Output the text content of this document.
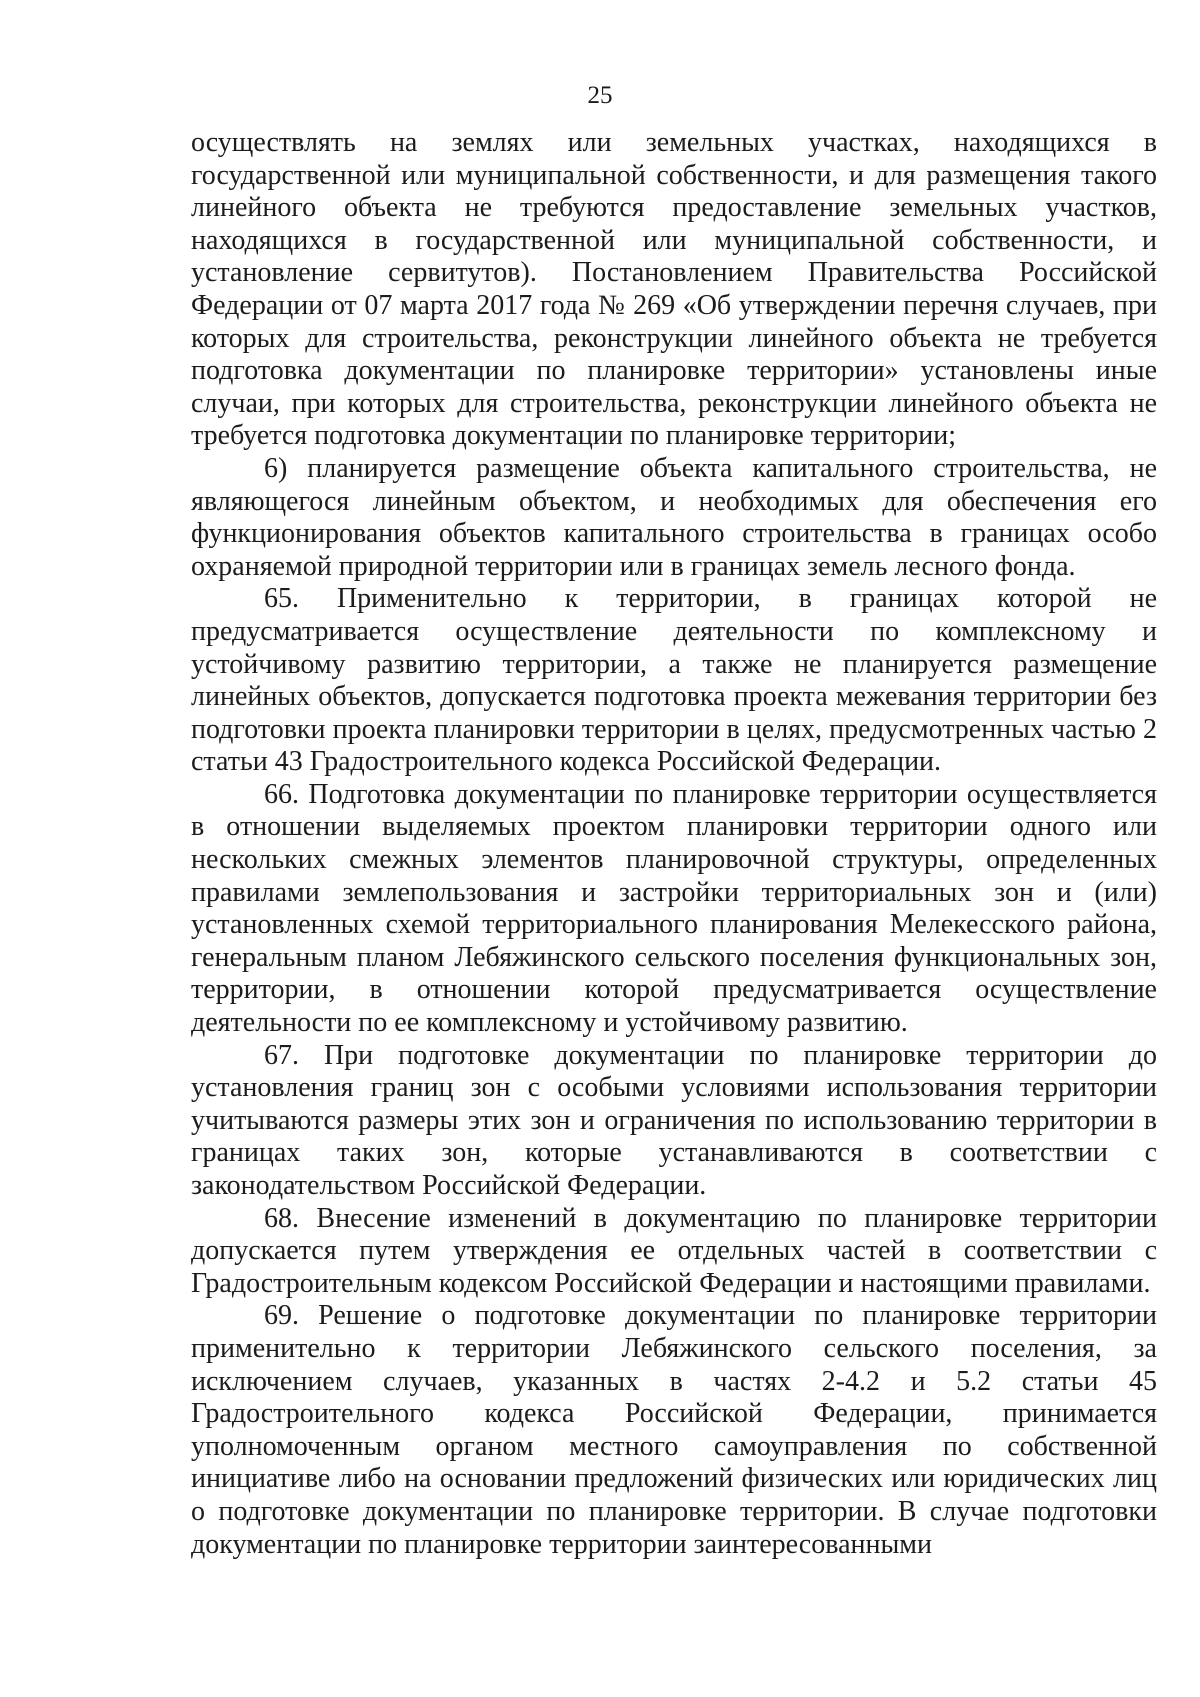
25

осуществлять на землях или земельных участках, находящихся в государственной или муниципальной собственности, и для размещения такого линейного объекта не требуются предоставление земельных участков, находящихся в государственной или муниципальной собственности, и установление сервитутов). Постановлением Правительства Российской Федерации от 07 марта 2017 года № 269 «Об утверждении перечня случаев, при которых для строительства, реконструкции линейного объекта не требуется подготовка документации по планировке территории» установлены иные случаи, при которых для строительства, реконструкции линейного объекта не требуется подготовка документации по планировке территории;

6) планируется размещение объекта капитального строительства, не являющегося линейным объектом, и необходимых для обеспечения его функционирования объектов капитального строительства в границах особо охраняемой природной территории или в границах земель лесного фонда.

65. Применительно к территории, в границах которой не предусматривается осуществление деятельности по комплексному и устойчивому развитию территории, а также не планируется размещение линейных объектов, допускается подготовка проекта межевания территории без подготовки проекта планировки территории в целях, предусмотренных частью 2 статьи 43 Градостроительного кодекса Российской Федерации.

66. Подготовка документации по планировке территории осуществляется в отношении выделяемых проектом планировки территории одного или нескольких смежных элементов планировочной структуры, определенных правилами землепользования и застройки территориальных зон и (или) установленных схемой территориального планирования Мелекесского района, генеральным планом Лебяжинского сельского поселения функциональных зон, территории, в отношении которой предусматривается осуществление деятельности по ее комплексному и устойчивому развитию.

67. При подготовке документации по планировке территории до установления границ зон с особыми условиями использования территории учитываются размеры этих зон и ограничения по использованию территории в границах таких зон, которые устанавливаются в соответствии с законодательством Российской Федерации.

68. Внесение изменений в документацию по планировке территории допускается путем утверждения ее отдельных частей в соответствии с Градостроительным кодексом Российской Федерации и настоящими правилами.

69. Решение о подготовке документации по планировке территории применительно к территории Лебяжинского сельского поселения, за исключением случаев, указанных в частях 2-4.2 и 5.2 статьи 45 Градостроительного кодекса Российской Федерации, принимается уполномоченным органом местного самоуправления по собственной инициативе либо на основании предложений физических или юридических лиц о подготовке документации по планировке территории. В случае подготовки документации по планировке территории заинтересованными
